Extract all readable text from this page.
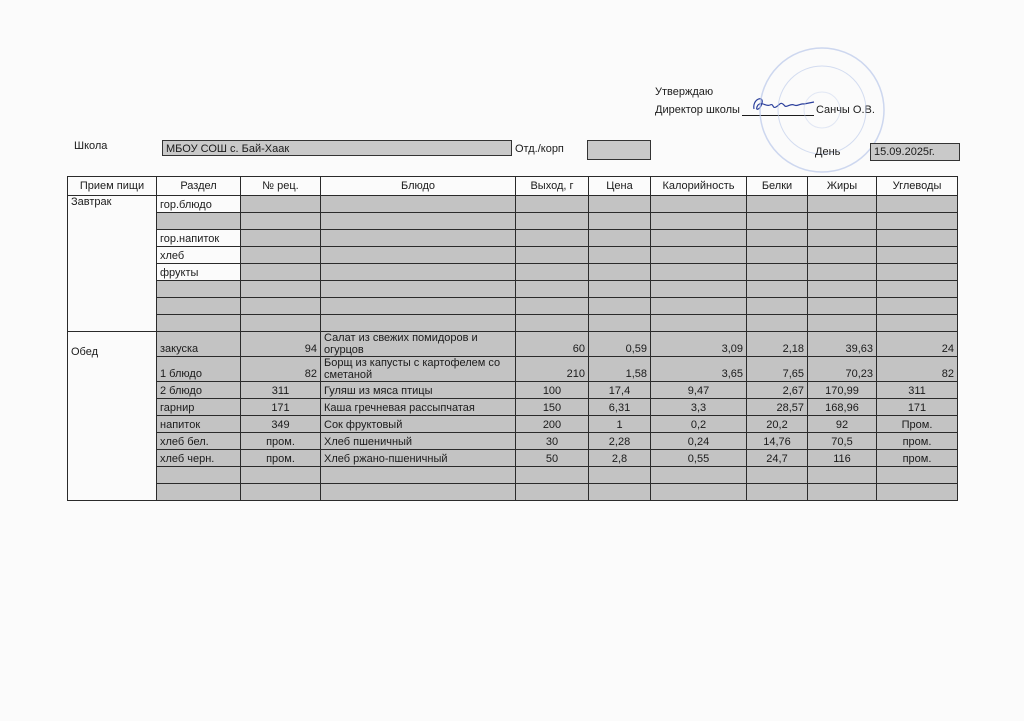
Утверждаю
Директор школы	Санчы О.В.
Школа	МБОУ СОШ с. Бай-Хаак	Отд./корп	День	15.09.2025г.
Прием пищи	Раздел	№ рец.	Блюдо	Выход, г	Цена	Калорийность	Белки	Жиры	Углеводы
Завтрак	гор.блюдо								

	гор.напиток								
	хлеб								
	фрукты								

Обед	закуска	94	Салат из свежих помидоров и огурцов	60	0,59	3,09	2,18	39,63	24
	1 блюдо	82	Борщ из капусты с картофелем со сметаной	210	1,58	3,65	7,65	70,23	82
	2 блюдо	311	Гуляш из мяса птицы	100	17,4	9,47	2,67	170,99	311
	гарнир	171	Каша гречневая рассыпчатая	150	6,31	3,3	28,57	168,96	171
	напиток	349	Сок фруктовый	200	1	0,2	20,2	92	Пром.
	хлеб бел.	пром.	Хлеб пшеничный	30	2,28	0,24	14,76	70,5	пром.
	хлеб черн.	пром.	Хлеб ржано-пшеничный	50	2,8	0,55	24,7	116	пром.
